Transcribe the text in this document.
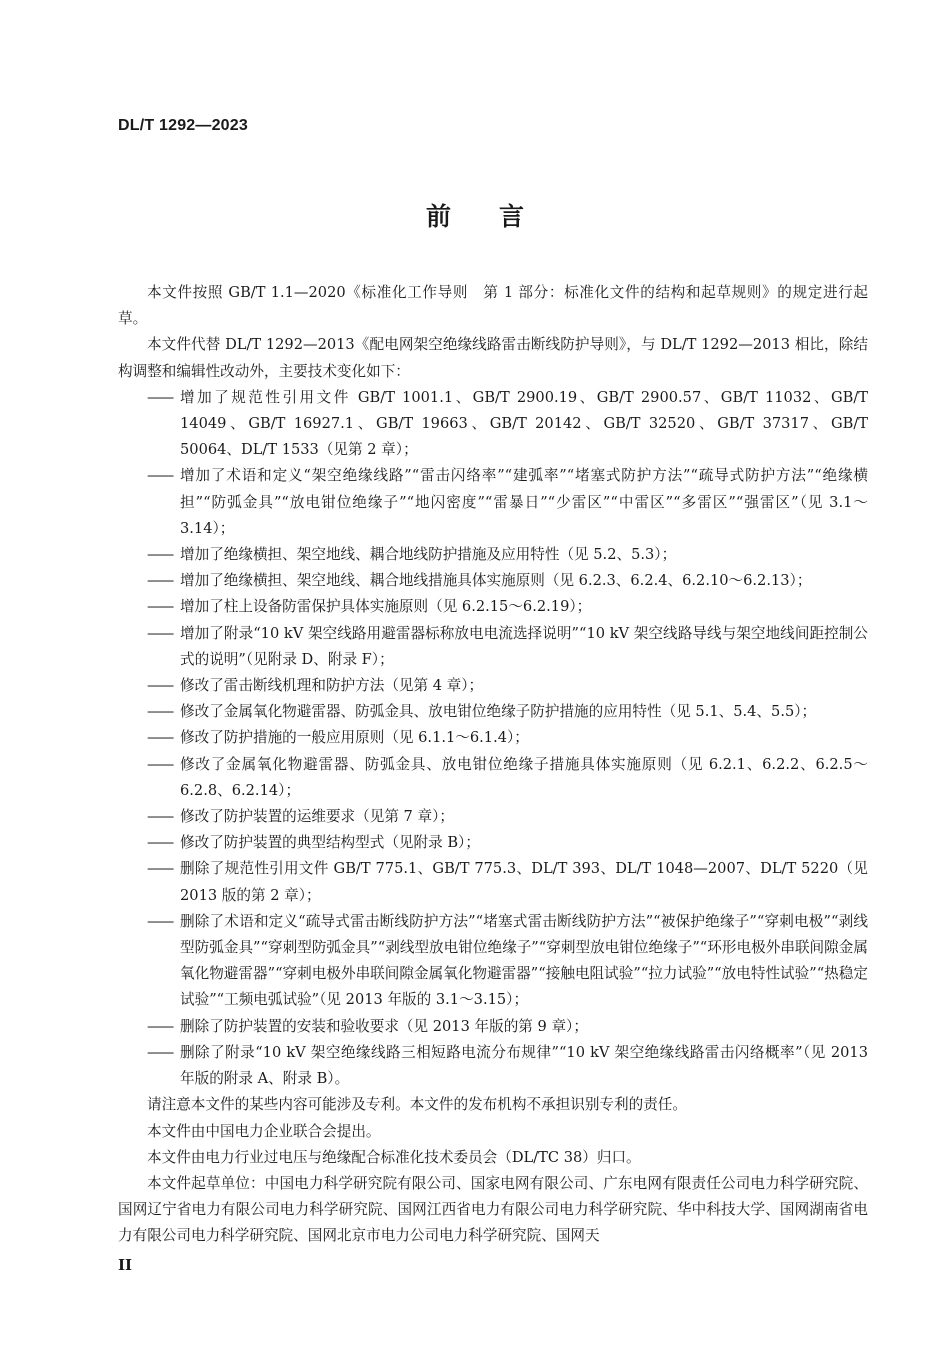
DL/T 1292—2023
前 言

本文件按照 GB/T 1.1—2020《标准化工作导则　第 1 部分：标准化文件的结构和起草规则》的规定进行起草。

本文件代替 DL/T 1292—2013《配电网架空绝缘线路雷击断线防护导则》，与 DL/T 1292—2013 相比，除结构调整和编辑性改动外，主要技术变化如下：

—— 增加了规范性引用文件 GB/T 1001.1、GB/T 2900.19、GB/T 2900.57、GB/T 11032、GB/T 14049、GB/T 16927.1、GB/T 19663、GB/T 20142、GB/T 32520、GB/T 37317、GB/T 50064、DL/T 1533（见第 2 章）；

—— 增加了术语和定义“架空绝缘线路”“雷击闪络率”“建弧率”“堵塞式防护方法”“疏导式防护方法”“绝缘横担”“防弧金具”“放电钳位绝缘子”“地闪密度”“雷暴日”“少雷区”“中雷区”“多雷区”“强雷区”（见 3.1～3.14）；

—— 增加了绝缘横担、架空地线、耦合地线防护措施及应用特性（见 5.2、5.3）；

—— 增加了绝缘横担、架空地线、耦合地线措施具体实施原则（见 6.2.3、6.2.4、6.2.10～6.2.13）；

—— 增加了柱上设备防雷保护具体实施原则（见 6.2.15～6.2.19）；

—— 增加了附录“10 kV 架空线路用避雷器标称放电电流选择说明”“10 kV 架空线路导线与架空地线间距控制公式的说明”（见附录 D、附录 F）；

—— 修改了雷击断线机理和防护方法（见第 4 章）；

—— 修改了金属氧化物避雷器、防弧金具、放电钳位绝缘子防护措施的应用特性（见 5.1、5.4、5.5）；

—— 修改了防护措施的一般应用原则（见 6.1.1～6.1.4）；

—— 修改了金属氧化物避雷器、防弧金具、放电钳位绝缘子措施具体实施原则（见 6.2.1、6.2.2、6.2.5～6.2.8、6.2.14）；

—— 修改了防护装置的运维要求（见第 7 章）；

—— 修改了防护装置的典型结构型式（见附录 B）；

—— 删除了规范性引用文件 GB/T 775.1、GB/T 775.3、DL/T 393、DL/T 1048—2007、DL/T 5220（见 2013 版的第 2 章）；

—— 删除了术语和定义“疏导式雷击断线防护方法”“堵塞式雷击断线防护方法”“被保护绝缘子”“穿刺电极”“剥线型防弧金具”“穿刺型防弧金具”“剥线型放电钳位绝缘子”“穿刺型放电钳位绝缘子”“环形电极外串联间隙金属氧化物避雷器”“穿刺电极外串联间隙金属氧化物避雷器”“接触电阻试验”“拉力试验”“放电特性试验”“热稳定试验”“工频电弧试验”（见 2013 年版的 3.1～3.15）；

—— 删除了防护装置的安装和验收要求（见 2013 年版的第 9 章）；

—— 删除了附录“10 kV 架空绝缘线路三相短路电流分布规律”“10 kV 架空绝缘线路雷击闪络概率”（见 2013 年版的附录 A、附录 B）。

请注意本文件的某些内容可能涉及专利。本文件的发布机构不承担识别专利的责任。

本文件由中国电力企业联合会提出。

本文件由电力行业过电压与绝缘配合标准化技术委员会（DL/TC 38）归口。

本文件起草单位：中国电力科学研究院有限公司、国家电网有限公司、广东电网有限责任公司电力科学研究院、国网辽宁省电力有限公司电力科学研究院、国网江西省电力有限公司电力科学研究院、华中科技大学、国网湖南省电力有限公司电力科学研究院、国网北京市电力公司电力科学研究院、国网天

II
